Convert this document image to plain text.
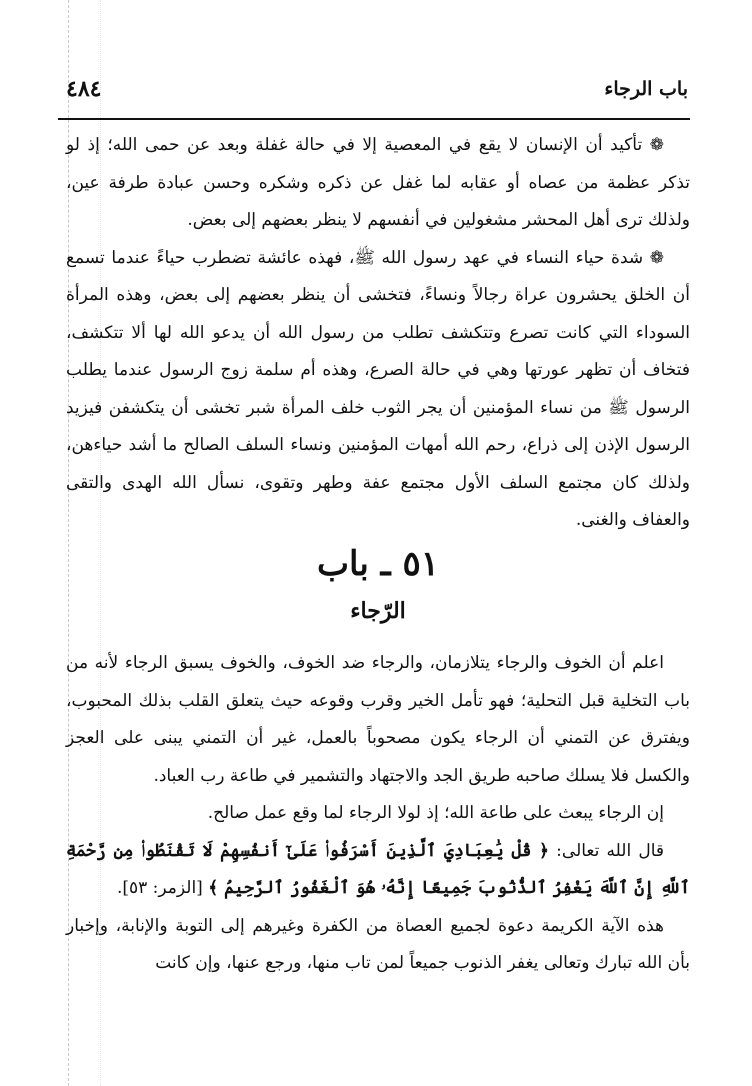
باب الرجاء
٤٨٤

❁ تأكيد أن الإنسان لا يقع في المعصية إلا في حالة غفلة وبعد عن حمى الله؛ إذ لو تذكر عظمة من عصاه أو عقابه لما غفل عن ذكره وشكره وحسن عبادة طرفة عين، ولذلك ترى أهل المحشر مشغولين في أنفسهم لا ينظر بعضهم إلى بعض.

❁ شدة حياء النساء في عهد رسول الله ﷺ، فهذه عائشة تضطرب حياءً عندما تسمع أن الخلق يحشرون عراة رجالاً ونساءً، فتخشى أن ينظر بعضهم إلى بعض، وهذه المرأة السوداء التي كانت تصرع وتتكشف تطلب من رسول الله أن يدعو الله لها ألا تتكشف، فتخاف أن تظهر عورتها وهي في حالة الصرع، وهذه أم سلمة زوج الرسول عندما يطلب الرسول ﷺ من نساء المؤمنين أن يجر الثوب خلف المرأة شبر تخشى أن يتكشفن فيزيد الرسول الإذن إلى ذراع، رحم الله أمهات المؤمنين ونساء السلف الصالح ما أشد حياءهن، ولذلك كان مجتمع السلف الأول مجتمع عفة وطهر وتقوى، نسأل الله الهدى والتقى والعفاف والغنى.

٥١ ـ باب
الرّجاء

اعلم أن الخوف والرجاء يتلازمان، والرجاء ضد الخوف، والخوف يسبق الرجاء لأنه من باب التخلية قبل التحلية؛ فهو تأمل الخير وقرب وقوعه حيث يتعلق القلب بذلك المحبوب، ويفترق عن التمني أن الرجاء يكون مصحوباً بالعمل، غير أن التمني يبنى على العجز والكسل فلا يسلك صاحبه طريق الجد والاجتهاد والتشمير في طاعة رب العباد.

إن الرجاء يبعث على طاعة الله؛ إذ لولا الرجاء لما وقع عمل صالح.

قال الله تعالى: ﴿ قُلْ يَٰعِبَادِيَ ٱلَّذِينَ أَسْرَفُوا۟ عَلَىٰٓ أَنفُسِهِمْ لَا تَقْنَطُوا۟ مِن رَّحْمَةِ ٱللَّهِ إِنَّ ٱللَّهَ يَغْفِرُ ٱلذُّنُوبَ جَمِيعًا إِنَّهُۥ هُوَ ٱلْغَفُورُ ٱلرَّحِيمُ ﴾ [الزمر: ٥٣].

هذه الآية الكريمة دعوة لجميع العصاة من الكفرة وغيرهم إلى التوبة والإنابة، وإخبار بأن الله تبارك وتعالى يغفر الذنوب جميعاً لمن تاب منها، ورجع عنها، وإن كانت
